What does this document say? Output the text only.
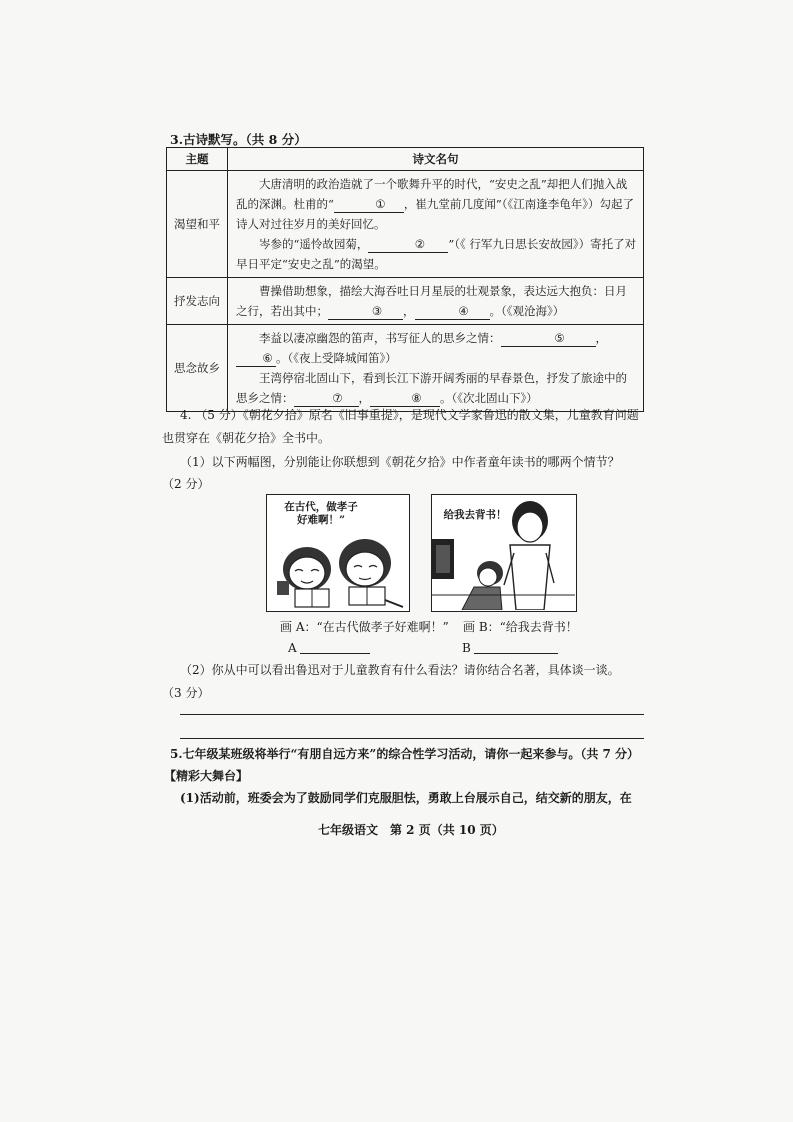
3.古诗默写。（共 8 分）
主题	诗文名句
渴望和平	大唐清明的政治造就了一个歌舞升平的时代，“安史之乱”却把人们抛入战乱的深渊。杜甫的“ ① ，崔九堂前几度闻”（《江南逢李龟年》）勾起了诗人对过往岁月的美好回忆。

岑参的“遥怜故园菊， ② ”（《 行军九日思长安故园》）寄托了对早日平定“安史之乱”的渴望。

抒发志向	曹操借助想象，描绘大海吞吐日月星辰的壮观景象，表达远大抱负：日月之行，若出其中； ③ ， ④ 。（《观沧海》）

思念故乡	李益以凄凉幽怨的笛声，书写征人的思乡之情： ⑤ ，⑥ 。（《夜上受降城闻笛》）

王湾停宿北固山下，看到长江下游开阔秀丽的早春景色，抒发了旅途中的思乡之情： ⑦ ， ⑧ 。（《次北固山下》）

4. （5 分）《朝花夕拾》原名《旧事重提》，是现代文学家鲁迅的散文集，儿童教育问题
也贯穿在《朝花夕拾》全书中。
（1）以下两幅图，分别能让你联想到《朝花夕拾》中作者童年读书的哪两个情节？
（2 分）
在古代，做孝子好难啊！”	给我去背书！
画 A：“在古代做孝子好难啊！” 画 B：“给我去背书！
A	B
（2）你从中可以看出鲁迅对于儿童教育有什么看法？请你结合名著，具体谈一谈。
（3 分）
5.七年级某班级将举行“有朋自远方来”的综合性学习活动，请你一起来参与。（共 7 分）
【精彩大舞台】
(1)活动前，班委会为了鼓励同学们克服胆怯，勇敢上台展示自己，结交新的朋友，在
七年级语文　第 2 页（共 10 页）
